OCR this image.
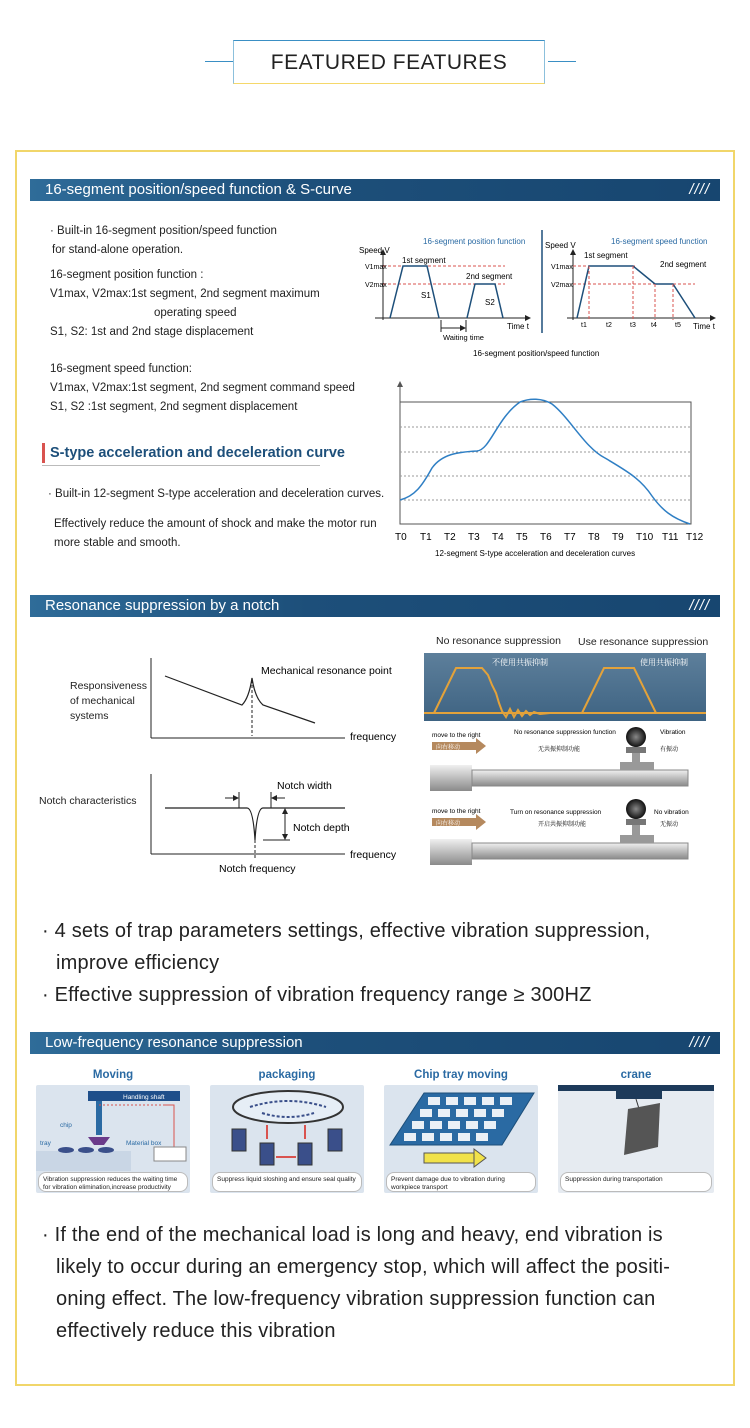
FEATURED FEATURES
16-segment position/speed function & S-curve	////
· Built-in 16-segment position/speed function
for stand-alone operation.
16-segment position function :
V1max, V2max:1st segment, 2nd segment maximum
operating speed
S1, S2: 1st and 2nd stage displacement
16-segment speed function:
V1max, V2max:1st segment, 2nd segment command speed
S1, S2 :1st segment, 2nd segment displacement
S-type acceleration and deceleration curve
· Built-in 12-segment S-type acceleration and deceleration curves.
Effectively reduce the amount of shock and make the motor run
more stable and smooth.
Speed V
V1max
V2max
1st segment
2nd segment
S1
S2
Time t
Waiting time
16-segment position function Speed V
V1max
V2max
1st segment
2nd segment
t1	t2	t3 t4	t5 Time t
16-segment speed function
16-segment position/speed function
T0 T1 T2 T3 T4 T5 T6 T7 T8 T9 T10 T11 T12
12-segment S-type acceleration and deceleration curves
Resonance suppression by a notch	////
Responsiveness of mechanical systems
Notch characteristics
Mechanical resonance point
frequency
Notch width
Notch depth
frequency
Notch frequency
No resonance suppression Use resonance suppression
不使用共振抑制	使用共振抑制
move to the right
向右移动
No resonance suppression function
无共振抑制功能
Vibration
有振动
move to the right
向右移动
Turn on resonance suppression
开启共振抑制功能
No vibration
无振动
· 4 sets of trap parameters settings, effective vibration suppression,
improve efficiency
· Effective suppression of vibration frequency range ≥ 300HZ
Low-frequency resonance suppression	////
Moving
Handling shaft
chip
tray	Material box
Vibration suppression reduces the waiting time for vibration elimination,increase productivity
packaging
Suppress liquid sloshing and ensure seal quality
Chip tray moving
Prevent damage due to vibration during workpiece transport
crane
Suppression during transportation
· If the end of the mechanical load is long and heavy, end vibration is
likely to occur during an emergency stop, which will affect the positi-
oning effect. The low-frequency vibration suppression function can
effectively reduce this vibration
